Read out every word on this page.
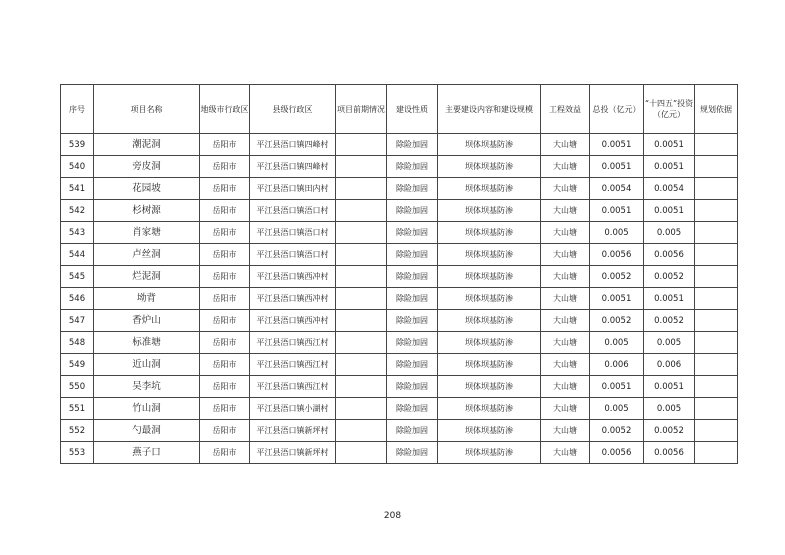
序号	项目名称	地级市行政区	县级行政区	项目前期情况	建设性质	主要建设内容和建设规模	工程效益	总投（亿元）	“十四五”投资（亿元）	规划依据
539	潮泥洞	岳阳市	平江县浯口镇四峰村		除险加固	坝体坝基防渗	大山塘	0.0051	0.0051	
540	旁皮洞	岳阳市	平江县浯口镇四峰村		除险加固	坝体坝基防渗	大山塘	0.0051	0.0051	
541	花园坡	岳阳市	平江县浯口镇田内村		除险加固	坝体坝基防渗	大山塘	0.0054	0.0054	
542	杉树源	岳阳市	平江县浯口镇浯口村		除险加固	坝体坝基防渗	大山塘	0.0051	0.0051	
543	肖家塘	岳阳市	平江县浯口镇浯口村		除险加固	坝体坝基防渗	大山塘	0.005	0.005	
544	卢丝洞	岳阳市	平江县浯口镇浯口村		除险加固	坝体坝基防渗	大山塘	0.0056	0.0056	
545	烂泥洞	岳阳市	平江县浯口镇西冲村		除险加固	坝体坝基防渗	大山塘	0.0052	0.0052	
546	坳背	岳阳市	平江县浯口镇西冲村		除险加固	坝体坝基防渗	大山塘	0.0051	0.0051	
547	香炉山	岳阳市	平江县浯口镇西冲村		除险加固	坝体坝基防渗	大山塘	0.0052	0.0052	
548	标准塘	岳阳市	平江县浯口镇西江村		除险加固	坝体坝基防渗	大山塘	0.005	0.005	
549	近山洞	岳阳市	平江县浯口镇西江村		除险加固	坝体坝基防渗	大山塘	0.006	0.006	
550	吴李坑	岳阳市	平江县浯口镇西江村		除险加固	坝体坝基防渗	大山塘	0.0051	0.0051	
551	竹山洞	岳阳市	平江县浯口镇小湖村		除险加固	坝体坝基防渗	大山塘	0.005	0.005	
552	勺最洞	岳阳市	平江县浯口镇新坪村		除险加固	坝体坝基防渗	大山塘	0.0052	0.0052	
553	燕子口	岳阳市	平江县浯口镇新坪村		除险加固	坝体坝基防渗	大山塘	0.0056	0.0056	
208
